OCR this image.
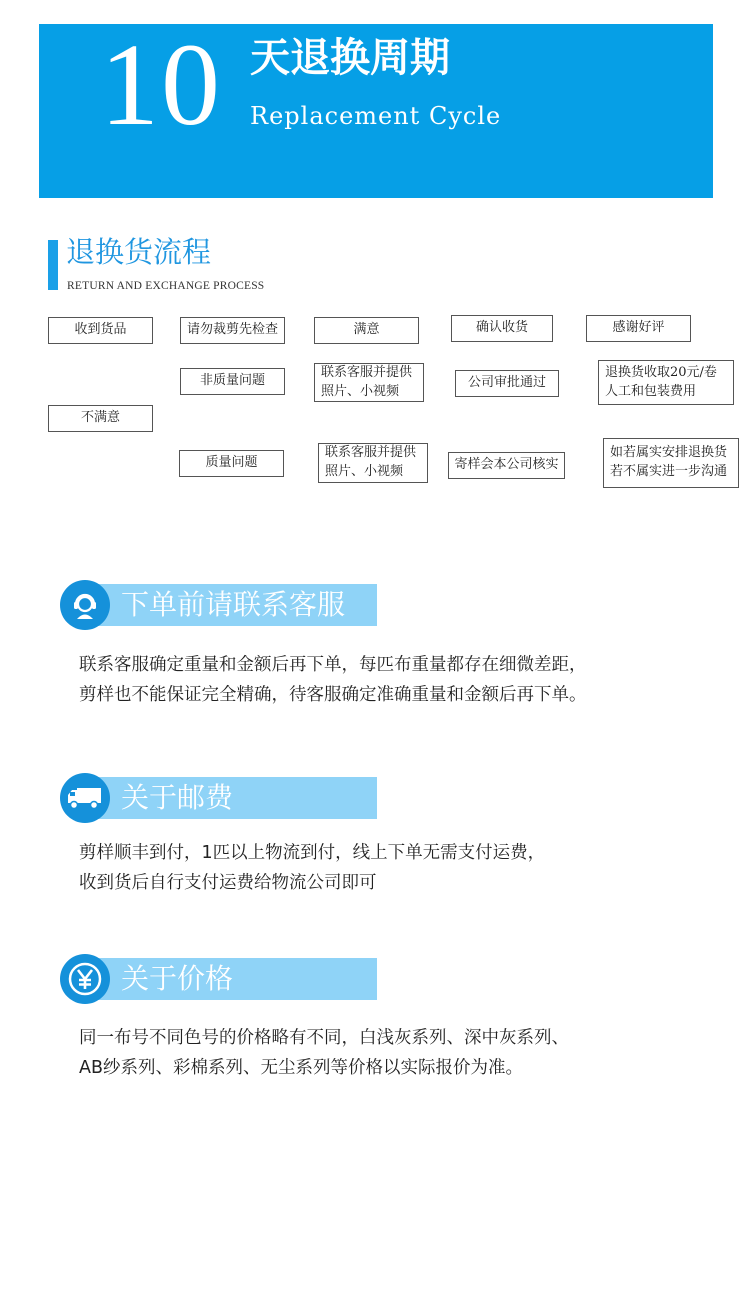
10 天退换周期
Replacement Cycle
退换货流程
RETURN AND EXCHANGE PROCESS
收到货品	请勿裁剪先检查	满意	确认收货	感谢好评
不满意
非质量问题
联系客服并提供
照片、小视频
公司审批通过
退换货收取20元/卷
人工和包装费用
质量问题
联系客服并提供
照片、小视频	寄样会本公司核实
如若属实安排退换货
若不属实进一步沟通
下单前请联系客服
联系客服确定重量和金额后再下单，每匹布重量都存在细微差距，
剪样也不能保证完全精确，待客服确定准确重量和金额后再下单。
关于邮费
剪样顺丰到付，1匹以上物流到付，线上下单无需支付运费，
收到货后自行支付运费给物流公司即可
关于价格
同一布号不同色号的价格略有不同，白浅灰系列、深中灰系列、
AB纱系列、彩棉系列、无尘系列等价格以实际报价为准。
